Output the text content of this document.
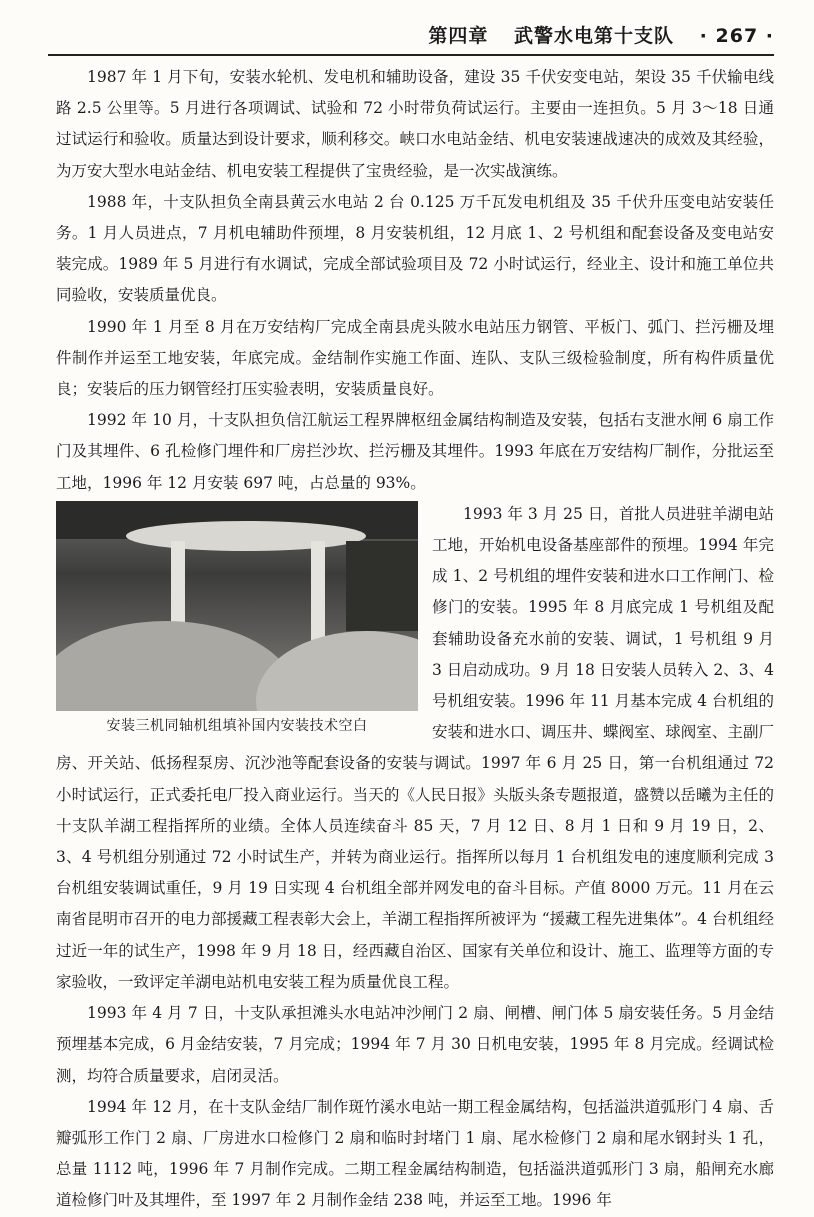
第四章 武警水电第十支队 · 267 ·

1987 年 1 月下旬，安装水轮机、发电机和辅助设备，建设 35 千伏安变电站，架设 35 千伏输电线路 2.5 公里等。5 月进行各项调试、试验和 72 小时带负荷试运行。主要由一连担负。5 月 3～18 日通过试运行和验收。质量达到设计要求，顺利移交。峡口水电站金结、机电安装速战速决的成效及其经验，为万安大型水电站金结、机电安装工程提供了宝贵经验，是一次实战演练。

1988 年，十支队担负全南县黄云水电站 2 台 0.125 万千瓦发电机组及 35 千伏升压变电站安装任务。1 月人员进点，7 月机电辅助件预埋，8 月安装机组，12 月底 1、2 号机组和配套设备及变电站安装完成。1989 年 5 月进行有水调试，完成全部试验项目及 72 小时试运行，经业主、设计和施工单位共同验收，安装质量优良。

1990 年 1 月至 8 月在万安结构厂完成全南县虎头陂水电站压力钢管、平板门、弧门、拦污栅及埋件制作并运至工地安装，年底完成。金结制作实施工作面、连队、支队三级检验制度，所有构件质量优良；安装后的压力钢管经打压实验表明，安装质量良好。

1992 年 10 月，十支队担负信江航运工程界牌枢纽金属结构制造及安装，包括右支泄水闸 6 扇工作门及其埋件、6 孔检修门埋件和厂房拦沙坎、拦污栅及其埋件。1993 年底在万安结构厂制作，分批运至工地，1996 年 12 月安装 697 吨，占总量的 93%。

安装三机同轴机组填补国内安装技术空白

1993 年 3 月 25 日，首批人员进驻羊湖电站工地，开始机电设备基座部件的预埋。1994 年完成 1、2 号机组的埋件安装和进水口工作闸门、检修门的安装。1995 年 8 月底完成 1 号机组及配套辅助设备充水前的安装、调试，1 号机组 9 月 3 日启动成功。9 月 18 日安装人员转入 2、3、4 号机组安装。1996 年 11 月基本完成 4 台机组的安装和进水口、调压井、蝶阀室、球阀室、主副厂房、开关站、低扬程泵房、沉沙池等配套设备的安装与调试。1997 年 6 月 25 日，第一台机组通过 72 小时试运行，正式委托电厂投入商业运行。当天的《人民日报》头版头条专题报道，盛赞以岳曦为主任的十支队羊湖工程指挥所的业绩。全体人员连续奋斗 85 天，7 月 12 日、8 月 1 日和 9 月 19 日，2、3、4 号机组分别通过 72 小时试生产，并转为商业运行。指挥所以每月 1 台机组发电的速度顺利完成 3 台机组安装调试重任，9 月 19 日实现 4 台机组全部并网发电的奋斗目标。产值 8000 万元。11 月在云南省昆明市召开的电力部援藏工程表彰大会上，羊湖工程指挥所被评为 “援藏工程先进集体”。4 台机组经过近一年的试生产，1998 年 9 月 18 日，经西藏自治区、国家有关单位和设计、施工、监理等方面的专家验收，一致评定羊湖电站机电安装工程为质量优良工程。

1993 年 4 月 7 日，十支队承担滩头水电站冲沙闸门 2 扇、闸槽、闸门体 5 扇安装任务。5 月金结预埋基本完成，6 月金结安装，7 月完成；1994 年 7 月 30 日机电安装，1995 年 8 月完成。经调试检测，均符合质量要求，启闭灵活。

1994 年 12 月，在十支队金结厂制作斑竹溪水电站一期工程金属结构，包括溢洪道弧形门 4 扇、舌瓣弧形工作门 2 扇、厂房进水口检修门 2 扇和临时封堵门 1 扇、尾水检修门 2 扇和尾水钢封头 1 孔，总量 1112 吨，1996 年 7 月制作完成。二期工程金属结构制造，包括溢洪道弧形门 3 扇，船闸充水廊道检修门叶及其埋件，至 1997 年 2 月制作金结 238 吨，并运至工地。1996 年
